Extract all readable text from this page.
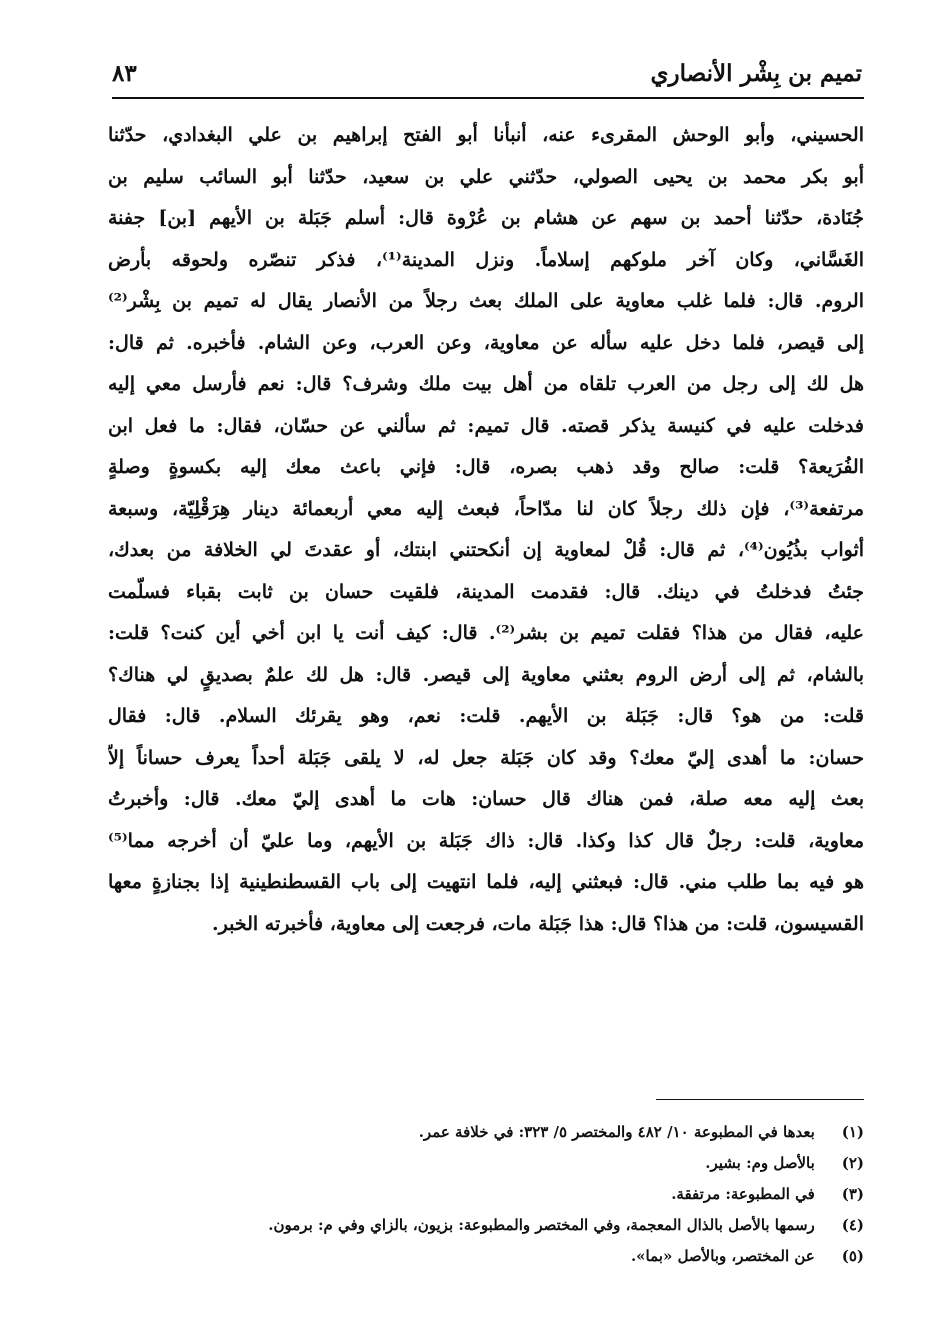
تميم بن بِشْر الأنصاري
٨٣
الحسيني، وأبو الوحش المقرىء عنه، أنبأنا أبو الفتح إبراهيم بن علي البغدادي، حدّثنا
أبو بكر محمد بن يحيى الصولي، حدّثني علي بن سعيد، حدّثنا أبو السائب سليم بن
جُنَادة، حدّثنا أحمد بن سهم عن هشام بن عُرْوة قال: أسلم جَبَلة بن الأيهم [بن] جفنة
الغَسَّاني، وكان آخر ملوكهم إسلاماً. ونزل المدينة⁽¹⁾، فذكر تنصّره ولحوقه بأرض
الروم. قال: فلما غلب معاوية على الملك بعث رجلاً من الأنصار يقال له تميم بن بِشْر⁽²⁾
إلى قيصر، فلما دخل عليه سأله عن معاوية، وعن العرب، وعن الشام. فأخبره. ثم قال:
هل لك إلى رجل من العرب تلقاه من أهل بيت ملك وشرف؟ قال: نعم فأرسل معي إليه
فدخلت عليه في كنيسة يذكر قصته. قال تميم: ثم سألني عن حسّان، فقال: ما فعل ابن
الفُرَيعة؟ قلت: صالح وقد ذهب بصره، قال: فإني باعث معك إليه بكسوةٍ وصلةٍ
مرتفعة⁽³⁾، فإن ذلك رجلاً كان لنا مدّاحاً، فبعث إليه معي أربعمائة دينار هِرَقْلِيّة، وسبعة
أثواب بذُيُون⁽⁴⁾، ثم قال: قُلْ لمعاوية إن أنكحتني ابنتك، أو عقدتَ لي الخلافة من بعدك،
جئتُ فدخلتُ في دينك. قال: فقدمت المدينة، فلقيت حسان بن ثابت بقباء فسلّمت
عليه، فقال من هذا؟ فقلت تميم بن بشر⁽²⁾. قال: كيف أنت يا ابن أخي أين كنت؟ قلت:
بالشام، ثم إلى أرض الروم بعثني معاوية إلى قيصر. قال: هل لك علمٌ بصديقٍ لي هناك؟
قلت: من هو؟ قال: جَبَلة بن الأيهم. قلت: نعم، وهو يقرئك السلام. قال: فقال
حسان: ما أهدى إليّ معك؟ وقد كان جَبَلة جعل له، لا يلقى جَبَلة أحداً يعرف حساناً إلاّ
بعث إليه معه صلة، فمن هناك قال حسان: هات ما أهدى إليّ معك. قال: وأخبرتُ
معاوية، قلت: رجلٌ قال كذا وكذا. قال: ذاك جَبَلة بن الأيهم، وما عليّ أن أخرجه مما⁽⁵⁾
هو فيه بما طلب مني. قال: فبعثني إليه، فلما انتهيت إلى باب القسطنطينية إذا بجنازةٍ معها
القسيسون، قلت: من هذا؟ قال: هذا جَبَلة مات، فرجعت إلى معاوية، فأخبرته الخبر.
(١) بعدها في المطبوعة ١٠/ ٤٨٢ والمختصر ٥/ ٣٢٣: في خلافة عمر.
(٢) بالأصل وم: بشير.
(٣) في المطبوعة: مرتفقة.
(٤) رسمها بالأصل بالذال المعجمة، وفي المختصر والمطبوعة: بزيون، بالزاي وفي م: برمون.
(٥) عن المختصر، وبالأصل «بما».
